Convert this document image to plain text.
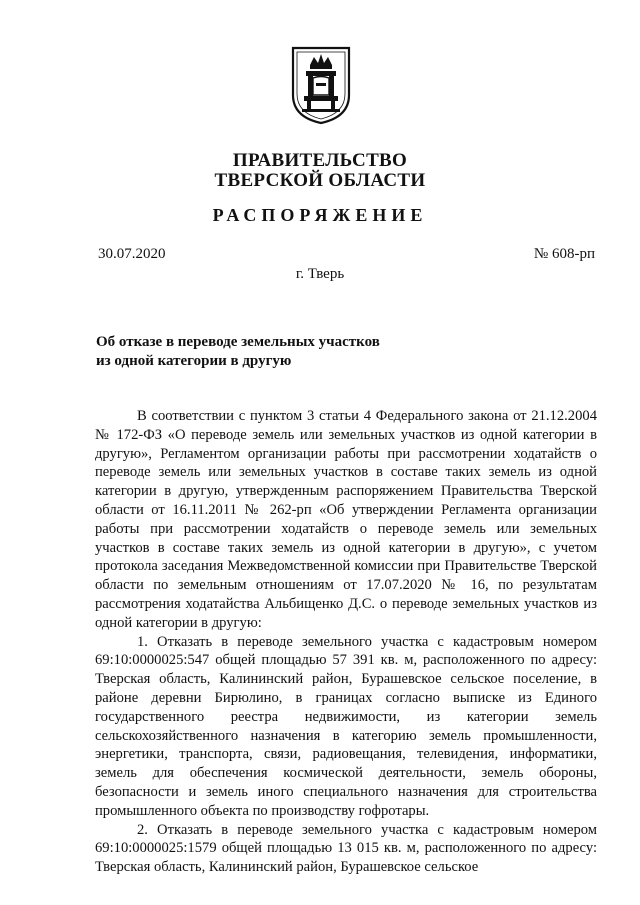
ПРАВИТЕЛЬСТВО
ТВЕРСКОЙ ОБЛАСТИ
РАСПОРЯЖЕНИЕ
30.07.2020	№ 608-рп
г. Тверь
Об отказе в переводе земельных участков
из одной категории в другую

В соответствии с пунктом 3 статьи 4 Федерального закона от 21.12.2004 № 172-ФЗ «О переводе земель или земельных участков из одной категории в другую», Регламентом организации работы при рассмотрении ходатайств о переводе земель или земельных участков в составе таких земель из одной категории в другую, утвержденным распоряжением Правительства Тверской области от 16.11.2011 № 262-рп «Об утверждении Регламента организации работы при рассмотрении ходатайств о переводе земель или земельных участков в составе таких земель из одной категории в другую», с учетом протокола заседания Межведомственной комиссии при Правительстве Тверской области по земельным отношениям от 17.07.2020 № 16, по результатам рассмотрения ходатайства Альбищенко Д.С. о переводе земельных участков из одной категории в другую:

1. Отказать в переводе земельного участка с кадастровым номером 69:10:0000025:547 общей площадью 57 391 кв. м, расположенного по адресу: Тверская область, Калининский район, Бурашевское сельское поселение, в районе деревни Бирюлино, в границах согласно выписке из Единого государственного реестра недвижимости, из категории земель сельскохозяйственного назначения в категорию земель промышленности, энергетики, транспорта, связи, радиовещания, телевидения, информатики, земель для обеспечения космической деятельности, земель обороны, безопасности и земель иного специального назначения для строительства промышленного объекта по производству гофротары.

2. Отказать в переводе земельного участка с кадастровым номером 69:10:0000025:1579 общей площадью 13 015 кв. м, расположенного по адресу: Тверская область, Калининский район, Бурашевское сельское
